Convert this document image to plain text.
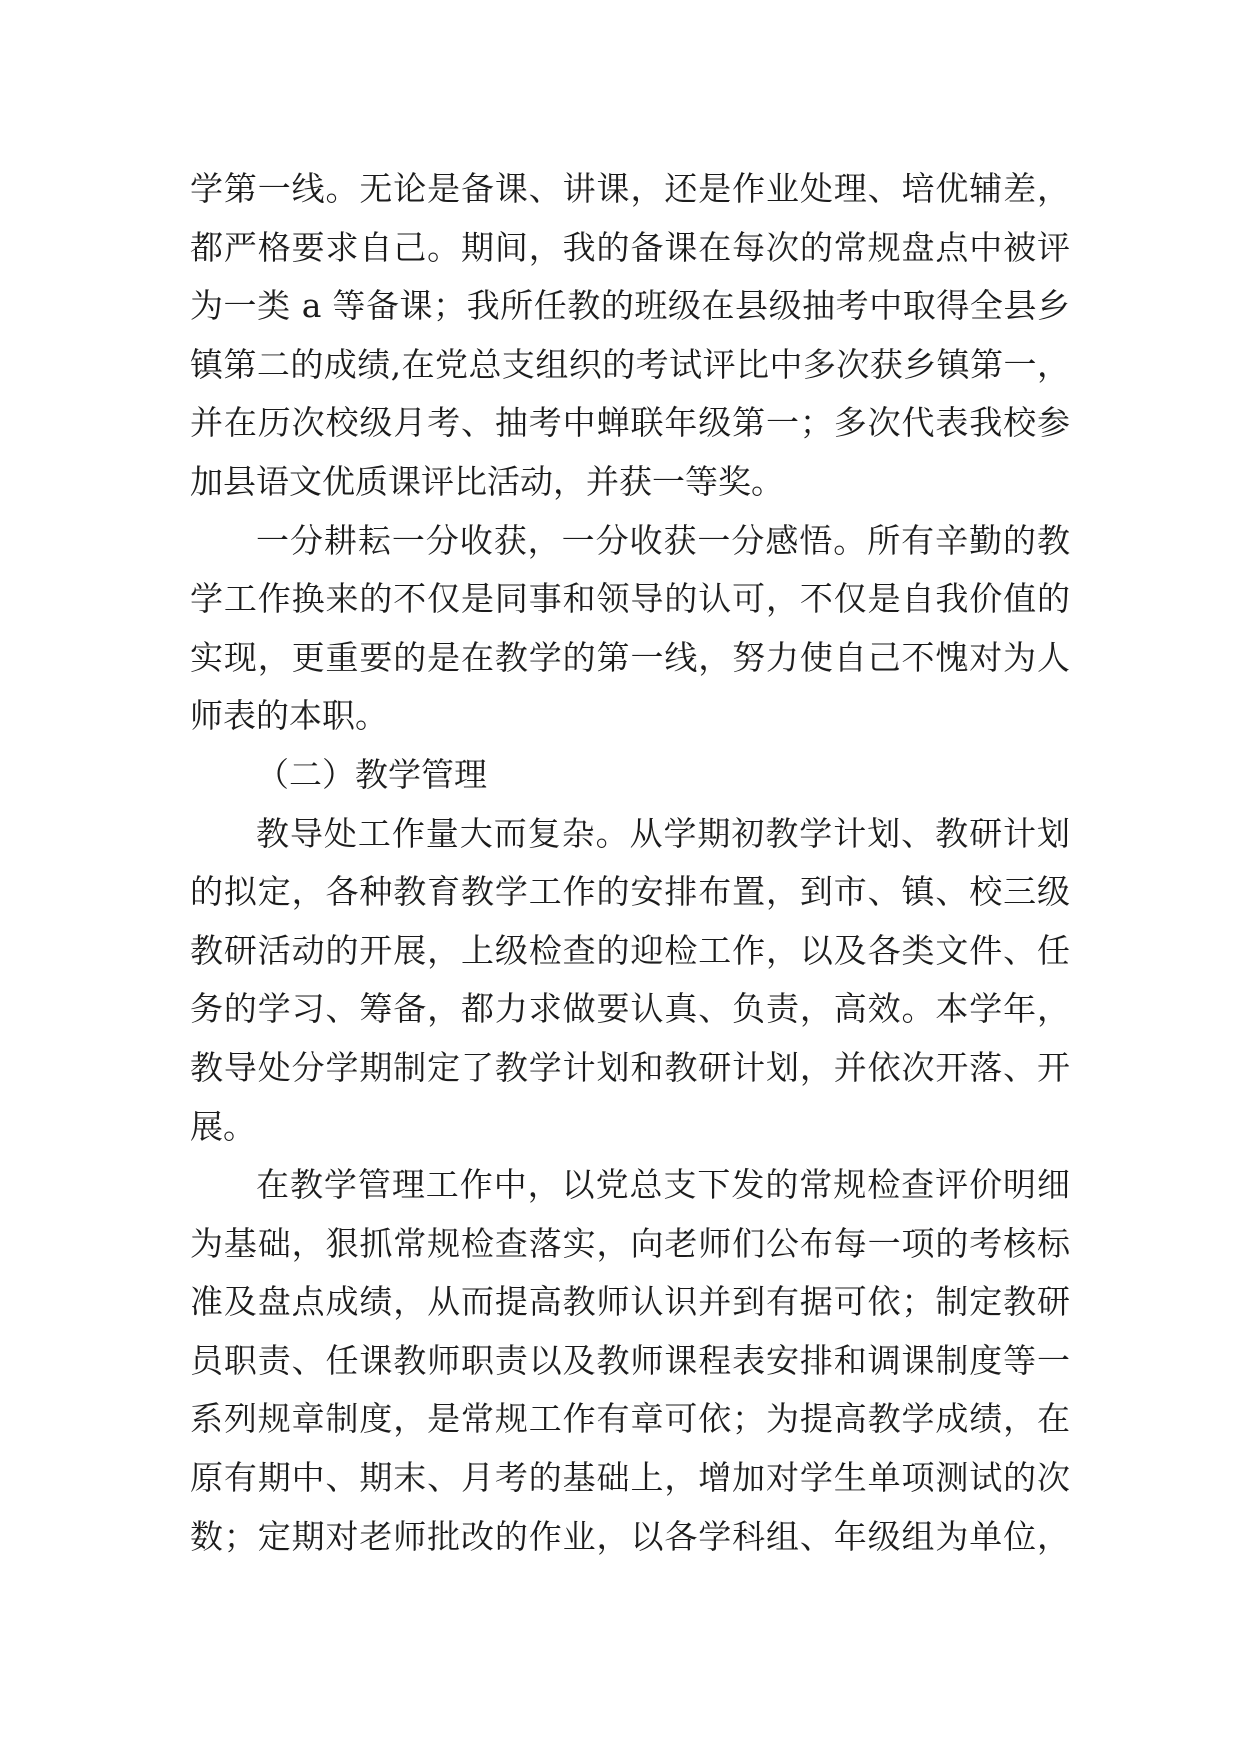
学第一线。无论是备课、讲课，还是作业处理、培优辅差，
都严格要求自己。期间，我的备课在每次的常规盘点中被评
为一类 a 等备课；我所任教的班级在县级抽考中取得全县乡
镇第二的成绩,在党总支组织的考试评比中多次获乡镇第一，
并在历次校级月考、抽考中蝉联年级第一；多次代表我校参
加县语文优质课评比活动，并获一等奖。
一分耕耘一分收获，一分收获一分感悟。所有辛勤的教
学工作换来的不仅是同事和领导的认可，不仅是自我价值的
实现，更重要的是在教学的第一线，努力使自己不愧对为人
师表的本职。
（二）教学管理
教导处工作量大而复杂。从学期初教学计划、教研计划
的拟定，各种教育教学工作的安排布置，到市、镇、校三级
教研活动的开展，上级检查的迎检工作，以及各类文件、任
务的学习、筹备，都力求做要认真、负责，高效。本学年，
教导处分学期制定了教学计划和教研计划，并依次开落、开
展。
在教学管理工作中，以党总支下发的常规检查评价明细
为基础，狠抓常规检查落实，向老师们公布每一项的考核标
准及盘点成绩，从而提高教师认识并到有据可依；制定教研
员职责、任课教师职责以及教师课程表安排和调课制度等一
系列规章制度，是常规工作有章可依；为提高教学成绩，在
原有期中、期末、月考的基础上，增加对学生单项测试的次
数；定期对老师批改的作业，以各学科组、年级组为单位，
